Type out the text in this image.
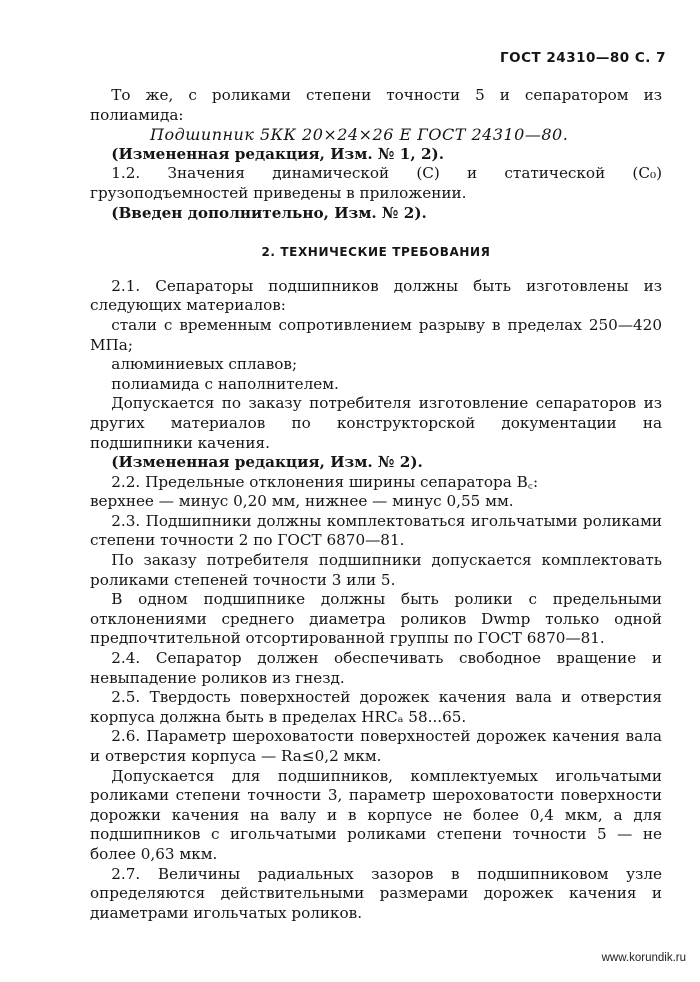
ГОСТ 24310—80 С. 7

То же, с роликами степени точности 5 и сепаратором из полиамида:

Подшипник 5КК 20×24×26 Е ГОСТ 24310—80.

(Измененная редакция, Изм. № 1, 2).

1.2. Значения динамической (C) и статической (C₀) грузоподъемностей приведены в приложении.

(Введен дополнительно, Изм. № 2).

2. ТЕХНИЧЕСКИЕ ТРЕБОВАНИЯ

2.1. Сепараторы подшипников должны быть изготовлены из следующих материалов:

стали с временным сопротивлением разрыву в пределах 250—420 МПа;

алюминиевых сплавов;

полиамида с наполнителем.

Допускается по заказу потребителя изготовление сепараторов из других материалов по конструкторской документации на подшипники качения.

(Измененная редакция, Изм. № 2).

2.2. Предельные отклонения ширины сепаратора B꜀:

верхнее — минус 0,20 мм, нижнее — минус 0,55 мм.

2.3. Подшипники должны комплектоваться игольчатыми роликами степени точности 2 по ГОСТ 6870—81.

По заказу потребителя подшипники допускается комплектовать роликами степеней точности 3 или 5.

В одном подшипнике должны быть ролики с предельными отклонениями среднего диаметра роликов Dwmp только одной предпочтительной отсортированной группы по ГОСТ 6870—81.

2.4. Сепаратор должен обеспечивать свободное вращение и невыпадение роликов из гнезд.

2.5. Твердость поверхностей дорожек качения вала и отверстия корпуса должна быть в пределах HRCₐ 58...65.

2.6. Параметр шероховатости поверхностей дорожек качения вала и отверстия корпуса — Ra≤0,2 мкм.

Допускается для подшипников, комплектуемых игольчатыми роликами степени точности 3, параметр шероховатости поверхности дорожки качения на валу и в корпусе не более 0,4 мкм, а для подшипников с игольчатыми роликами степени точности 5 — не более 0,63 мкм.

2.7. Величины радиальных зазоров в подшипниковом узле определяются действительными размерами дорожек качения и диаметрами игольчатых роликов.

www.korundik.ru
